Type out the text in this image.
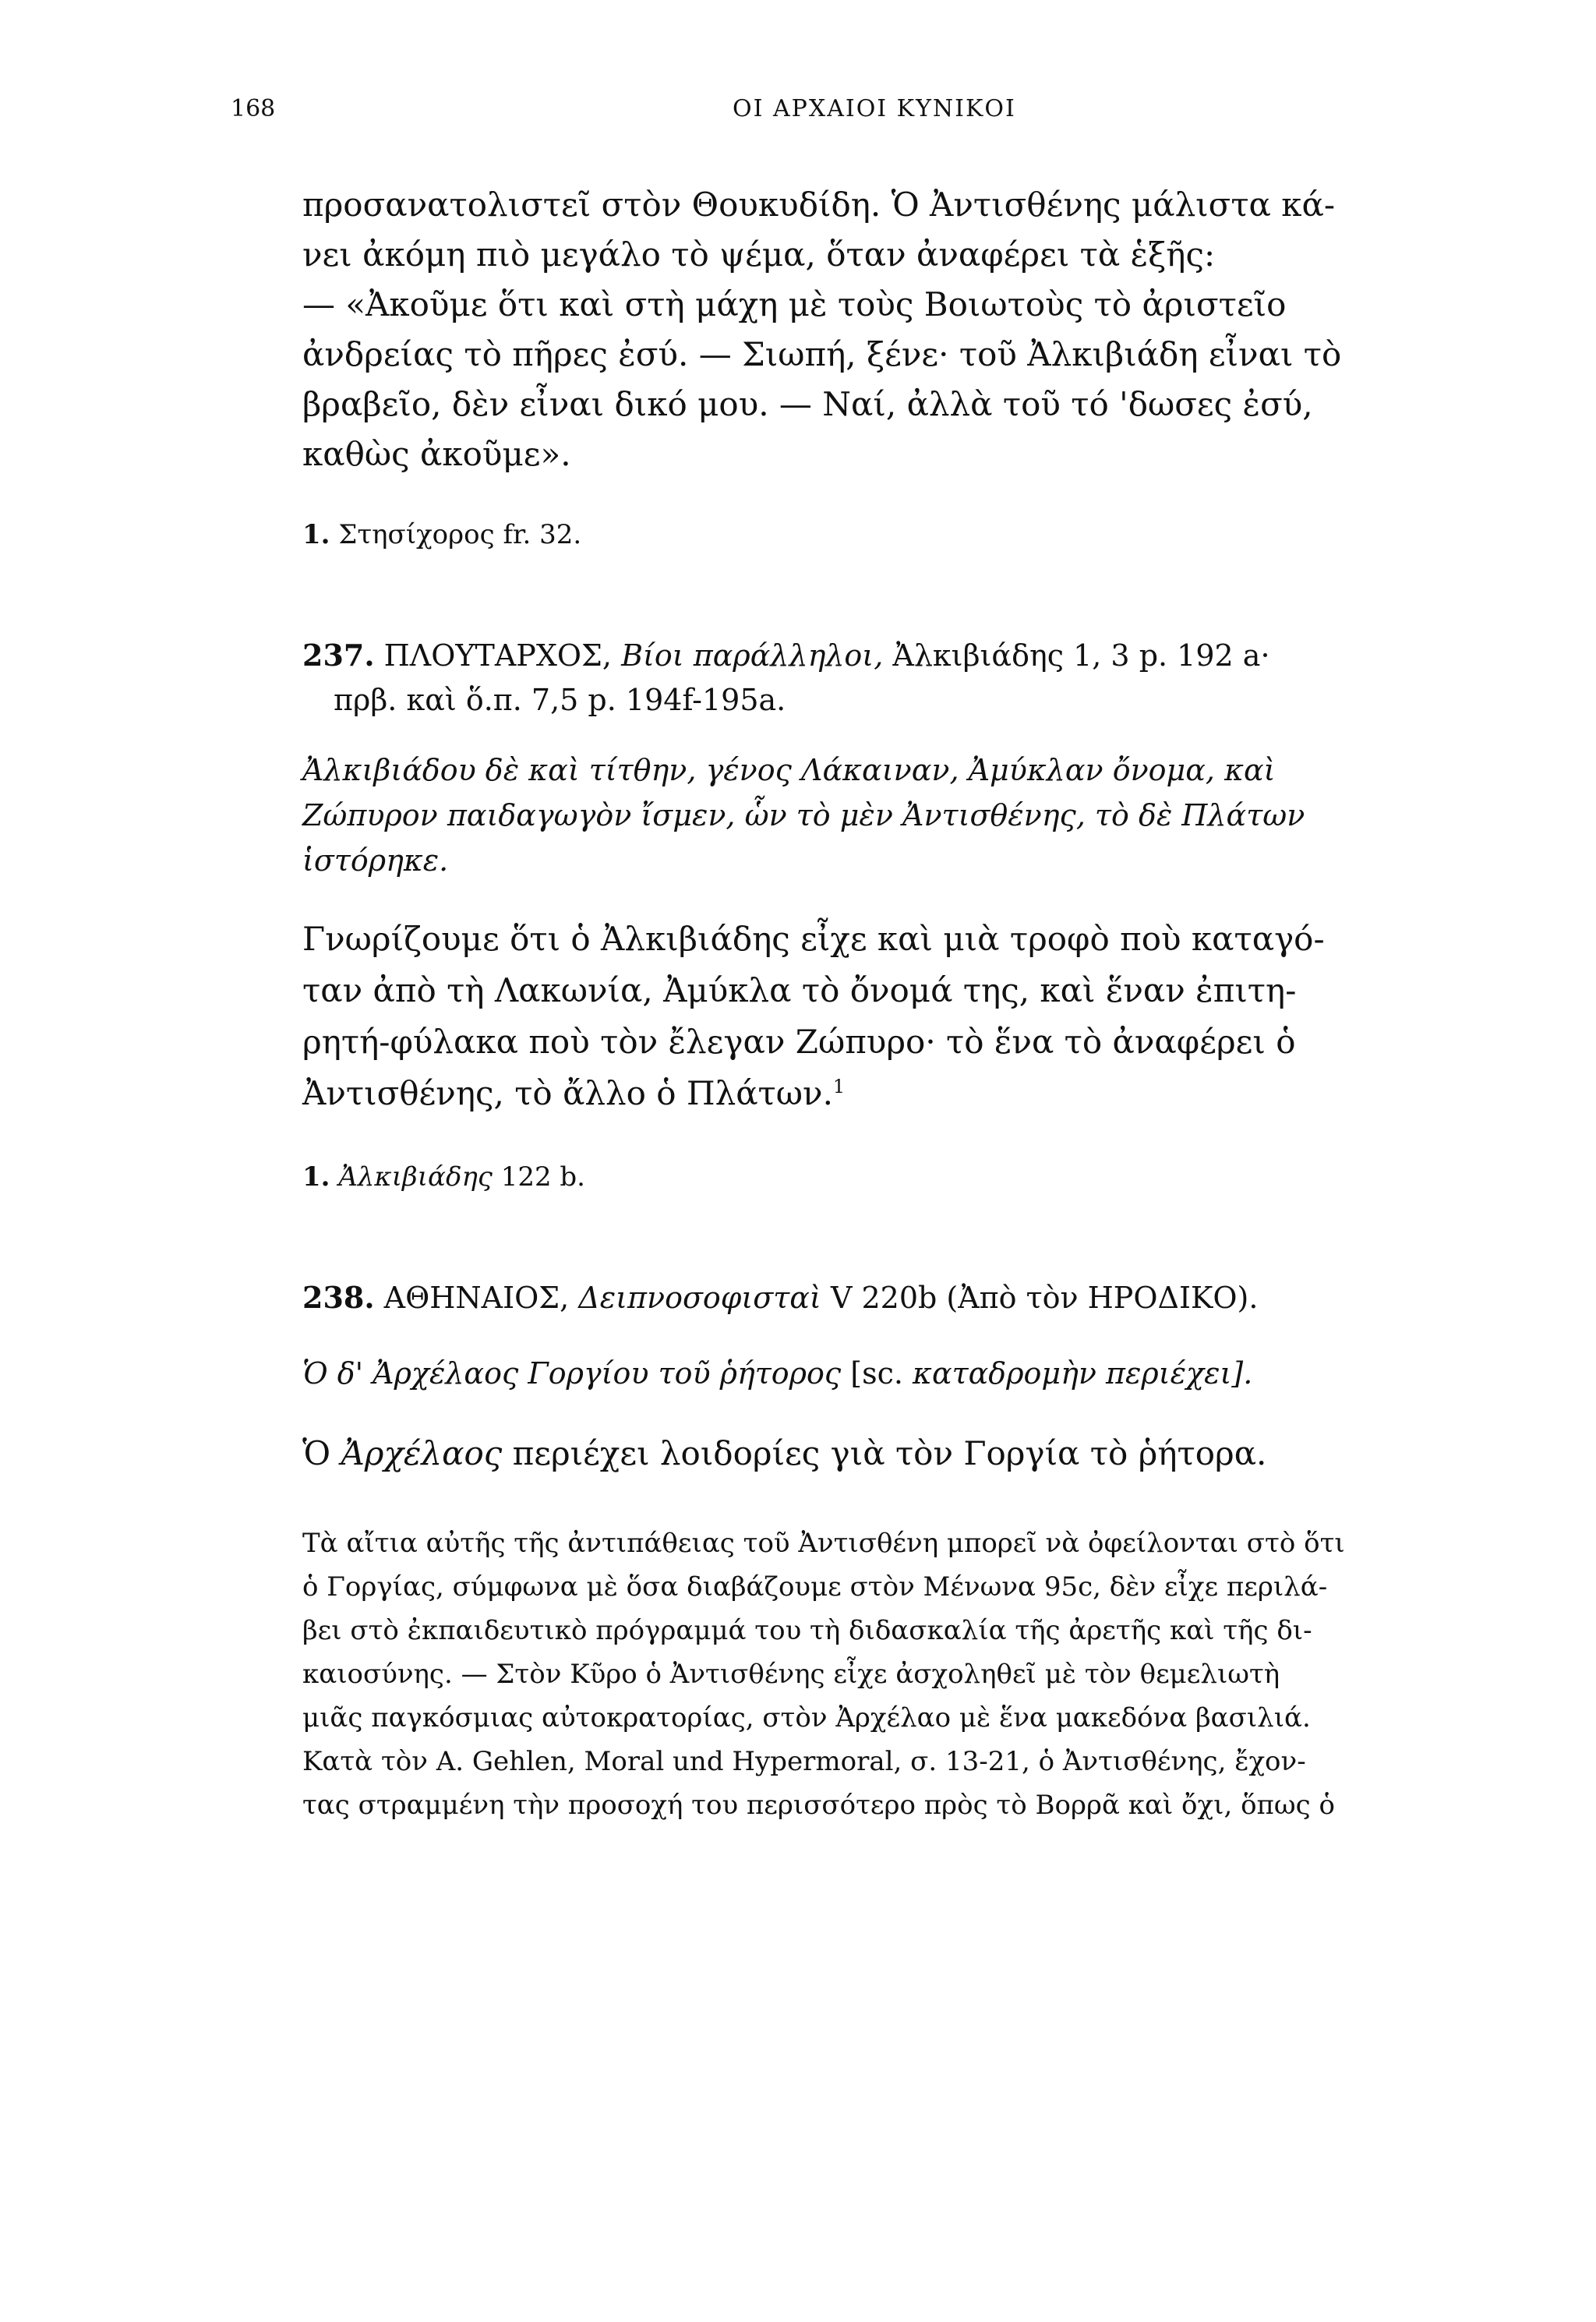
168	ΟΙ ΑΡΧΑΙΟΙ ΚΥΝΙΚΟΙ
προσανατολιστεῖ στὸν Θουκυδίδη. Ὁ Ἀντισθένης μάλιστα κά-
νει ἀκόμη πιὸ μεγάλο τὸ ψέμα, ὅταν ἀναφέρει τὰ ἑξῆς:
— «Ἀκοῦμε ὅτι καὶ στὴ μάχη μὲ τοὺς Βοιωτοὺς τὸ ἀριστεῖο
ἀνδρείας τὸ πῆρες ἐσύ. — Σιωπή, ξένε· τοῦ Ἀλκιβιάδη εἶναι τὸ
βραβεῖο, δὲν εἶναι δικό μου. — Ναί, ἀλλὰ τοῦ τό 'δωσες ἐσύ,
καθὼς ἀκοῦμε».
1. Στησίχορος fr. 32.
237. ΠΛΟΥΤΑΡΧΟΣ, Βίοι παράλληλοι, Ἀλκιβιάδης 1, 3 p. 192 a·
πρβ. καὶ ὅ.π. 7,5 p. 194f-195a.
Ἀλκιβιάδου δὲ καὶ τίτθην, γένος Λάκαιναν, Ἀμύκλαν ὄνομα, καὶ
Ζώπυρον παιδαγωγὸν ἴσμεν, ὧν τὸ μὲν Ἀντισθένης, τὸ δὲ Πλάτων
ἱστόρηκε.
Γνωρίζουμε ὅτι ὁ Ἀλκιβιάδης εἶχε καὶ μιὰ τροφὸ ποὺ καταγό-
ταν ἀπὸ τὴ Λακωνία, Ἀμύκλα τὸ ὄνομά της, καὶ ἕναν ἐπιτη-
ρητή-φύλακα ποὺ τὸν ἔλεγαν Ζώπυρο· τὸ ἕνα τὸ ἀναφέρει ὁ
Ἀντισθένης, τὸ ἄλλο ὁ Πλάτων.$^1$
1. Ἀλκιβιάδης 122 b.
238. ΑΘΗΝΑΙΟΣ, Δειπνοσοφισταὶ V 220b (Ἀπὸ τὸν ΗΡΟΔΙΚΟ).
Ὁ δ' Ἀρχέλαος Γοργίου τοῦ ῥήτορος [sc. καταδρομὴν περιέχει].
Ὁ Ἀρχέλαος περιέχει λοιδορίες γιὰ τὸν Γοργία τὸ ῥήτορα.
Τὰ αἴτια αὐτῆς τῆς ἀντιπάθειας τοῦ Ἀντισθένη μπορεῖ νὰ ὀφείλονται στὸ ὅτι
ὁ Γοργίας, σύμφωνα μὲ ὅσα διαβάζουμε στὸν Μένωνα 95c, δὲν εἶχε περιλά-
βει στὸ ἐκπαιδευτικὸ πρόγραμμά του τὴ διδασκαλία τῆς ἀρετῆς καὶ τῆς δι-
καιοσύνης. — Στὸν Κῦρο ὁ Ἀντισθένης εἶχε ἀσχοληθεῖ μὲ τὸν θεμελιωτὴ
μιᾶς παγκόσμιας αὐτοκρατορίας, στὸν Ἀρχέλαο μὲ ἕνα μακεδόνα βασιλιά.
Κατὰ τὸν A. Gehlen, Moral und Hypermoral, σ. 13-21, ὁ Ἀντισθένης, ἔχον-
τας στραμμένη τὴν προσοχή του περισσότερο πρὸς τὸ Βορρᾶ καὶ ὄχι, ὅπως ὁ
